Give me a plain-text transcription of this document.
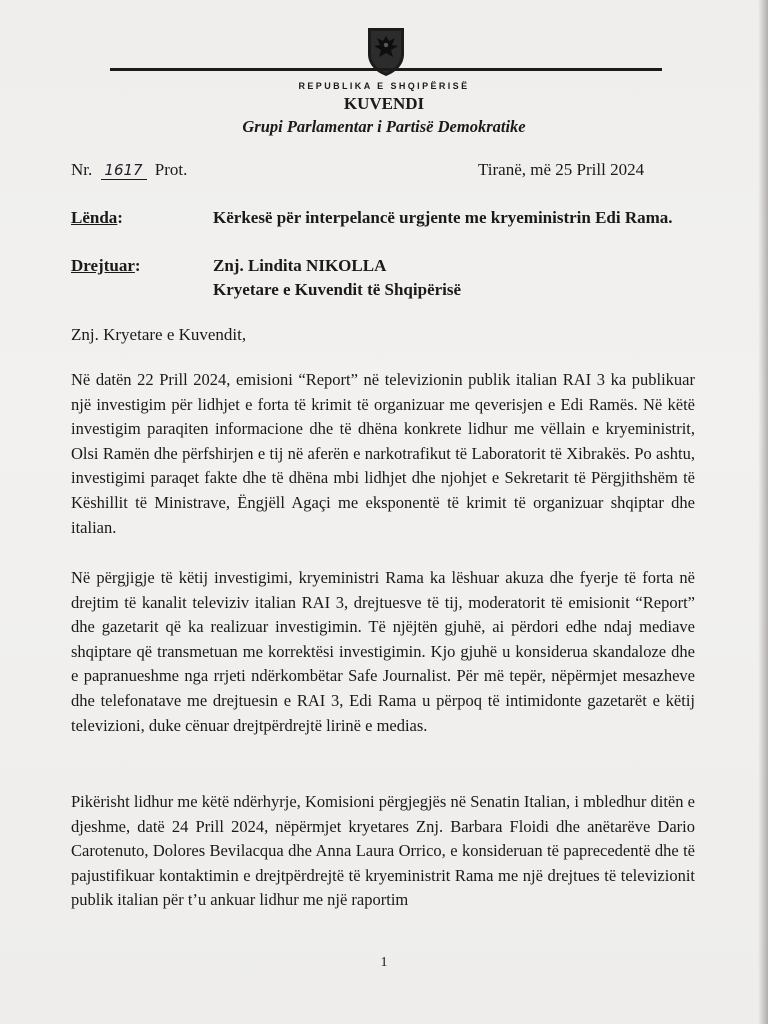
REPUBLIKA E SHQIPËRISË
KUVENDI
Grupi Parlamentar i Partisë Demokratike
Nr. 1617 Prot.	Tiranë, më 25 Prill 2024
Lënda:	Kërkesë për interpelancë urgjente me kryeministrin Edi Rama.
Drejtuar:	Znj. Lindita NIKOLLA
Kryetare e Kuvendit të Shqipërisë
Znj. Kryetare e Kuvendit,
Në datën 22 Prill 2024, emisioni “Report” në televizionin publik italian RAI 3 ka publikuar një investigim për lidhjet e forta të krimit të organizuar me qeverisjen e Edi Ramës. Në këtë investigim paraqiten informacione dhe të dhëna konkrete lidhur me vëllain e kryeministrit, Olsi Ramën dhe përfshirjen e tij në aferën e narkotrafikut të Laboratorit të Xibrakës. Po ashtu, investigimi paraqet fakte dhe të dhëna mbi lidhjet dhe njohjet e Sekretarit të Përgjithshëm të Këshillit të Ministrave, Ëngjëll Agaçi me eksponentë të krimit të organizuar shqiptar dhe italian.
Në përgjigje të këtij investigimi, kryeministri Rama ka lëshuar akuza dhe fyerje të forta në drejtim të kanalit televiziv italian RAI 3, drejtuesve të tij, moderatorit të emisionit “Report” dhe gazetarit që ka realizuar investigimin. Të njëjtën gjuhë, ai përdori edhe ndaj mediave shqiptare që transmetuan me korrektësi investigimin. Kjo gjuhë u konsiderua skandaloze dhe e papranueshme nga rrjeti ndërkombëtar Safe Journalist. Për më tepër, nëpërmjet mesazheve dhe telefonatave me drejtuesin e RAI 3, Edi Rama u përpoq të intimidonte gazetarët e këtij televizioni, duke cënuar drejtpërdrejtë lirinë e medias.
Pikërisht lidhur me këtë ndërhyrje, Komisioni përgjegjës në Senatin Italian, i mbledhur ditën e djeshme, datë 24 Prill 2024, nëpërmjet kryetares Znj. Barbara Floidi dhe anëtarëve Dario Carotenuto, Dolores Bevilacqua dhe Anna Laura Orrico, e konsideruan të paprecedentë dhe të pajustifikuar kontaktimin e drejtpërdrejtë të kryeministrit Rama me një drejtues të televizionit publik italian për t’u ankuar lidhur me një raportim
1
